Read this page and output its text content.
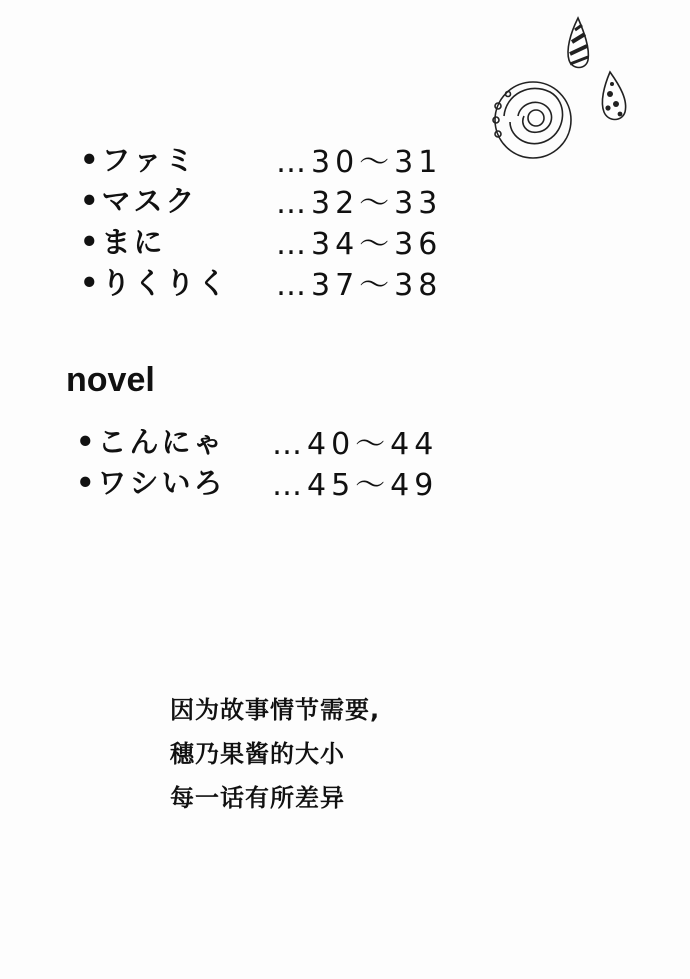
•ファミ	…30〜31
•マスク	…32〜33
•まに	…34〜36
•りくりく	…37〜38
novel
•こんにゃ	…40〜44
•ワシいろ	…45〜49
因为故事情节需要,
穗乃果酱的大小
每一话有所差异
